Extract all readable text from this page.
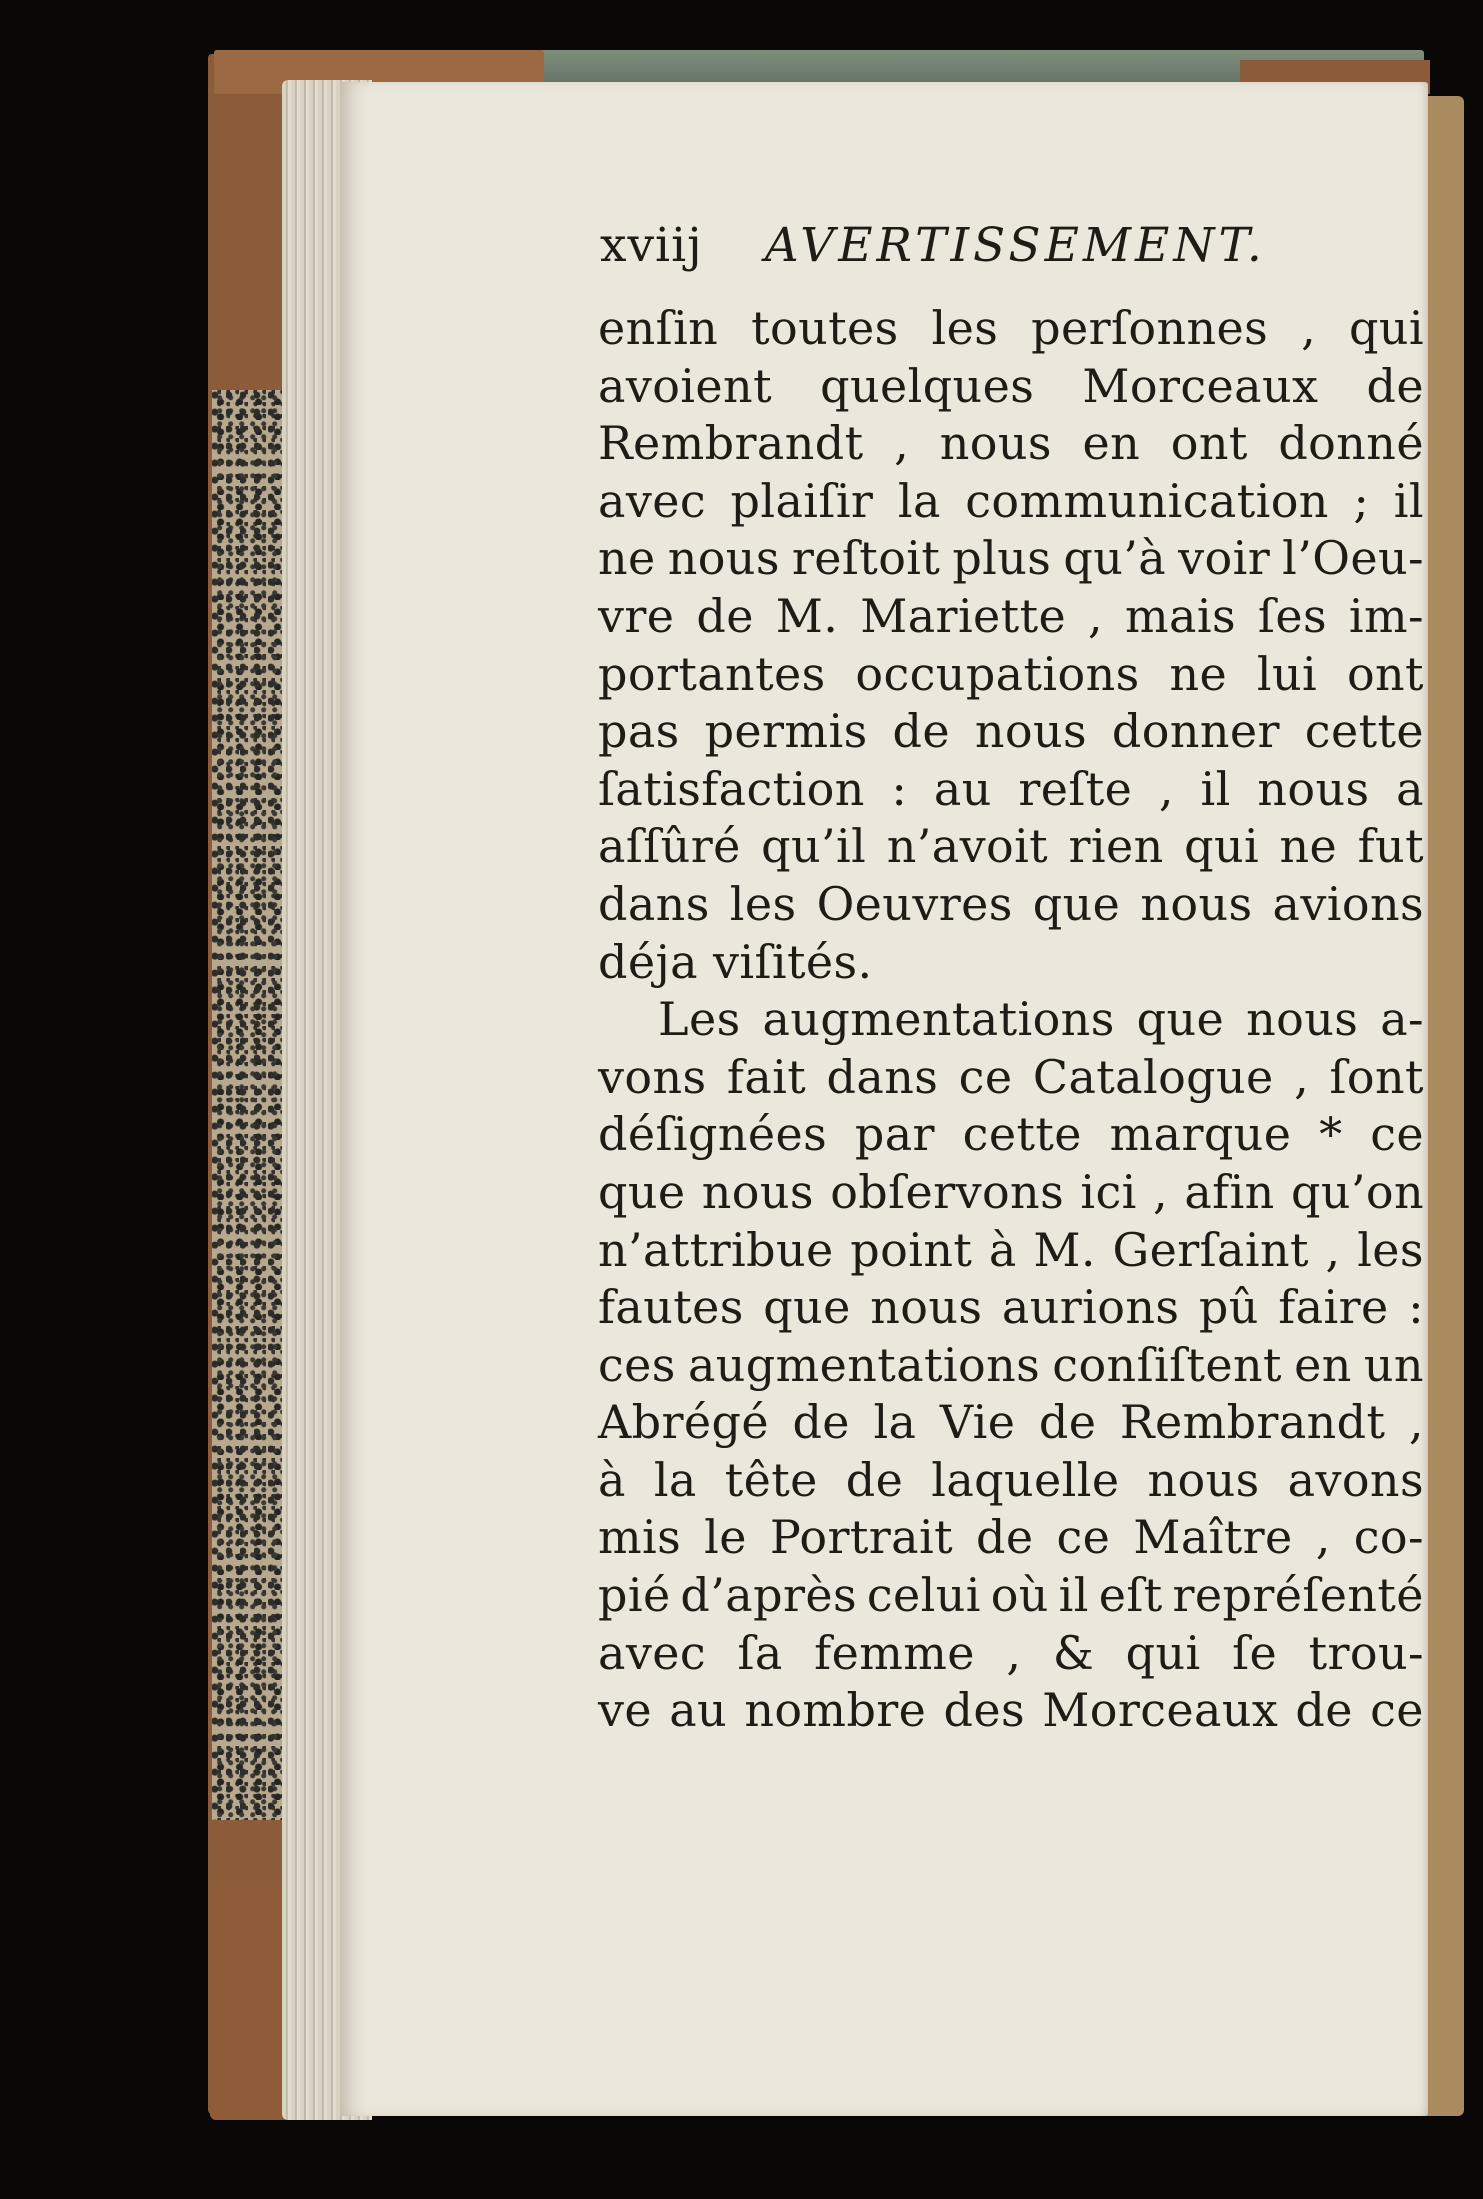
xviij AVERTISSEMENT.
enſin toutes les perſonnes , qui
avoient quelques Morceaux de
Rembrandt , nous en ont donné
avec plaiſir la communication ; il
ne nous reſtoit plus qu’à voir l’Oeu-
vre de M. Mariette , mais ſes im-
portantes occupations ne lui ont
pas permis de nous donner cette
ſatisfaction : au reſte , il nous a
aſſûré qu’il n’avoit rien qui ne fut
dans les Oeuvres que nous avions
déja viſités.
Les augmentations que nous a-
vons fait dans ce Catalogue , ſont
déſignées par cette marque * ce
que nous obſervons ici , afin qu’on
n’attribue point à M. Gerſaint , les
fautes que nous aurions pû faire :
ces augmentations conſiſtent en un
Abrégé de la Vie de Rembrandt ,
à la tête de laquelle nous avons
mis le Portrait de ce Maître , co-
pié d’après celui où il eſt repréſenté
avec ſa femme , & qui ſe trou-
ve au nombre des Morceaux de ce
